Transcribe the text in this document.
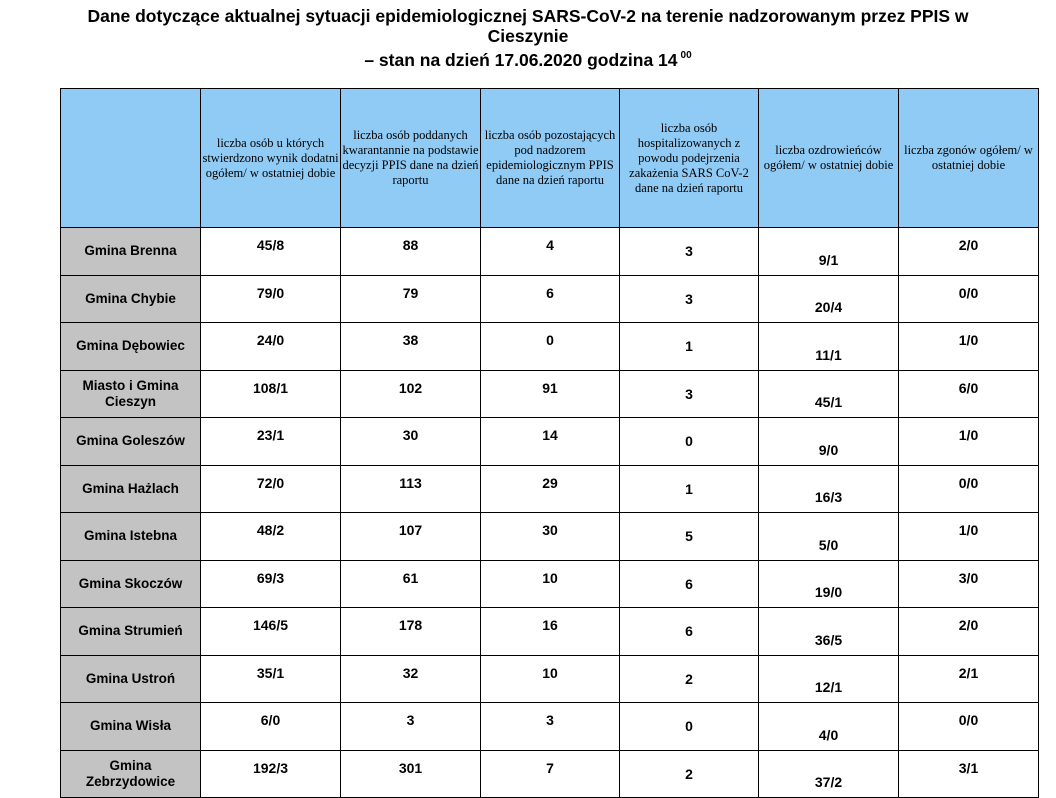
Dane dotyczące aktualnej sytuacji epidemiologicznej SARS-CoV-2 na terenie nadzorowanym przez PPIS w
Cieszynie
– stan na dzień 17.06.2020 godzina 14 $^{00}$
	liczba osób u których stwierdzono wynik dodatni ogółem/ w ostatniej dobie	liczba osób poddanych kwarantannie na podstawie decyzji PPIS dane na dzień raportu	liczba osób pozostających pod nadzorem epidemiologicznym PPIS dane na dzień raportu	liczba osób hospitalizowanych z powodu podejrzenia zakażenia SARS CoV-2 dane na dzień raportu	liczba ozdrowieńców ogółem/ w ostatniej dobie	liczba zgonów ogółem/ w ostatniej dobie
Gmina Brenna	45/8	88	4	3	9/1	2/0
Gmina Chybie	79/0	79	6	3	20/4	0/0
Gmina Dębowiec	24/0	38	0	1	11/1	1/0
Miasto i Gmina Cieszyn	108/1	102	91	3	45/1	6/0
Gmina Goleszów	23/1	30	14	0	9/0	1/0
Gmina Hażlach	72/0	113	29	1	16/3	0/0
Gmina Istebna	48/2	107	30	5	5/0	1/0
Gmina Skoczów	69/3	61	10	6	19/0	3/0
Gmina Strumień	146/5	178	16	6	36/5	2/0
Gmina Ustroń	35/1	32	10	2	12/1	2/1
Gmina Wisła	6/0	3	3	0	4/0	0/0
Gmina Zebrzydowice	192/3	301	7	2	37/2	3/1
